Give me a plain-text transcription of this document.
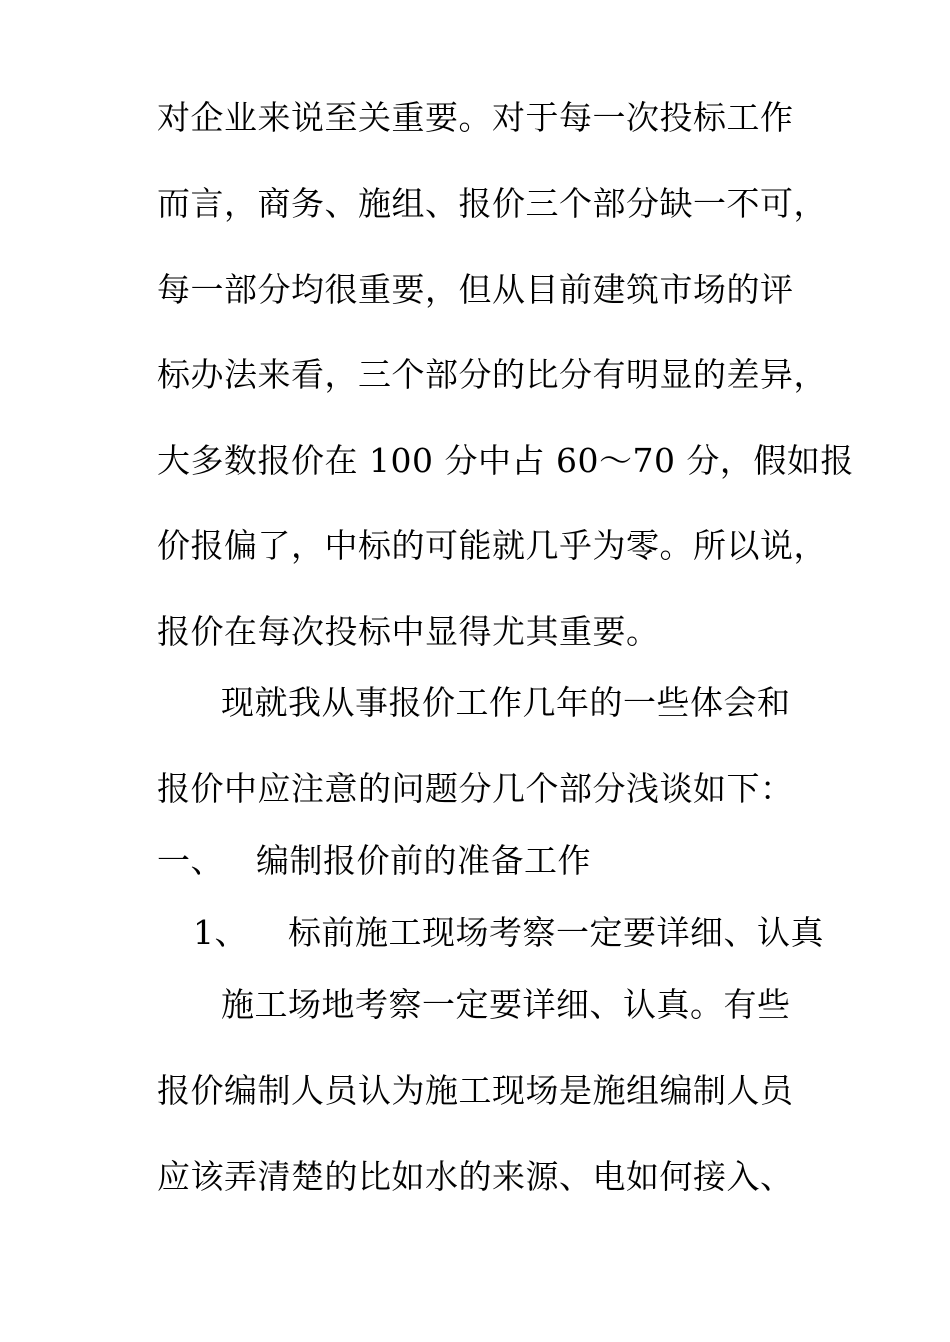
对企业来说至关重要。对于每一次投标工作
而言，商务、施组、报价三个部分缺一不可，
每一部分均很重要，但从目前建筑市场的评
标办法来看，三个部分的比分有明显的差异，
大多数报价在 100 分中占 60～70 分，假如报
价报偏了，中标的可能就几乎为零。所以说，
报价在每次投标中显得尤其重要。
现就我从事报价工作几年的一些体会和
报价中应注意的问题分几个部分浅谈如下：
一、 编制报价前的准备工作
1、 标前施工现场考察一定要详细、认真
施工场地考察一定要详细、认真。有些
报价编制人员认为施工现场是施组编制人员
应该弄清楚的比如水的来源、电如何接入、
